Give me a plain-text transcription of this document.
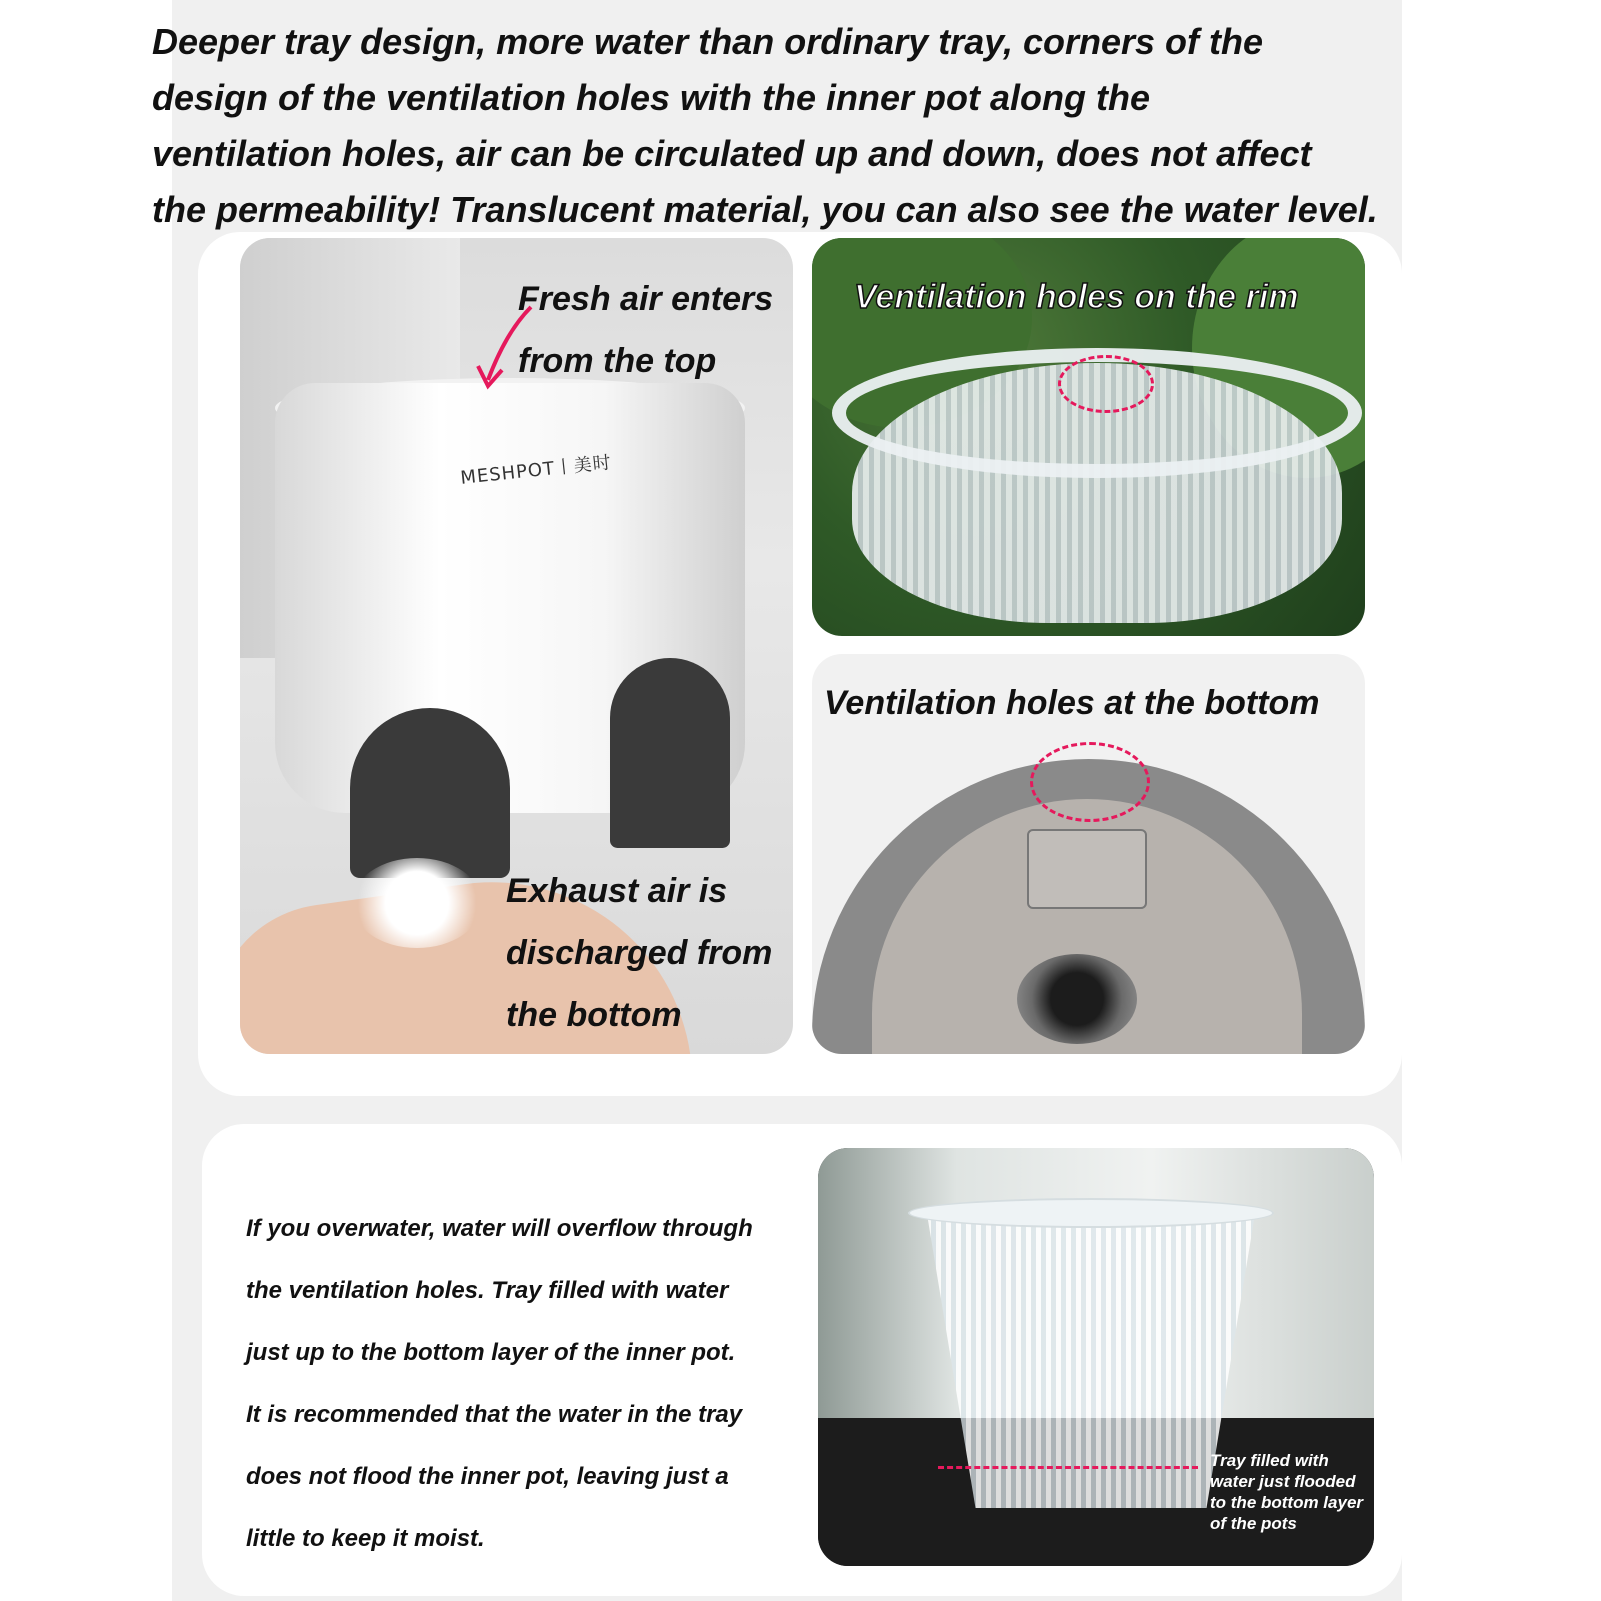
Deeper tray design, more water than ordinary tray, corners of the
design of the ventilation holes with the inner pot along the
ventilation holes, air can be circulated up and down, does not affect
the permeability! Translucent material, you can also see the water level.
MESHPOT丨美时
Fresh air enters
from the top
Exhaust air is
discharged from
the bottom
Ventilation holes on the rim
Ventilation holes at the bottom
If you overwater, water will overflow through
the ventilation holes. Tray filled with water
just up to the bottom layer of the inner pot.
It is recommended that the water in the tray
does not flood the inner pot, leaving just a
little to keep it moist.
Tray filled with
water just flooded
to the bottom layer
of the pots
